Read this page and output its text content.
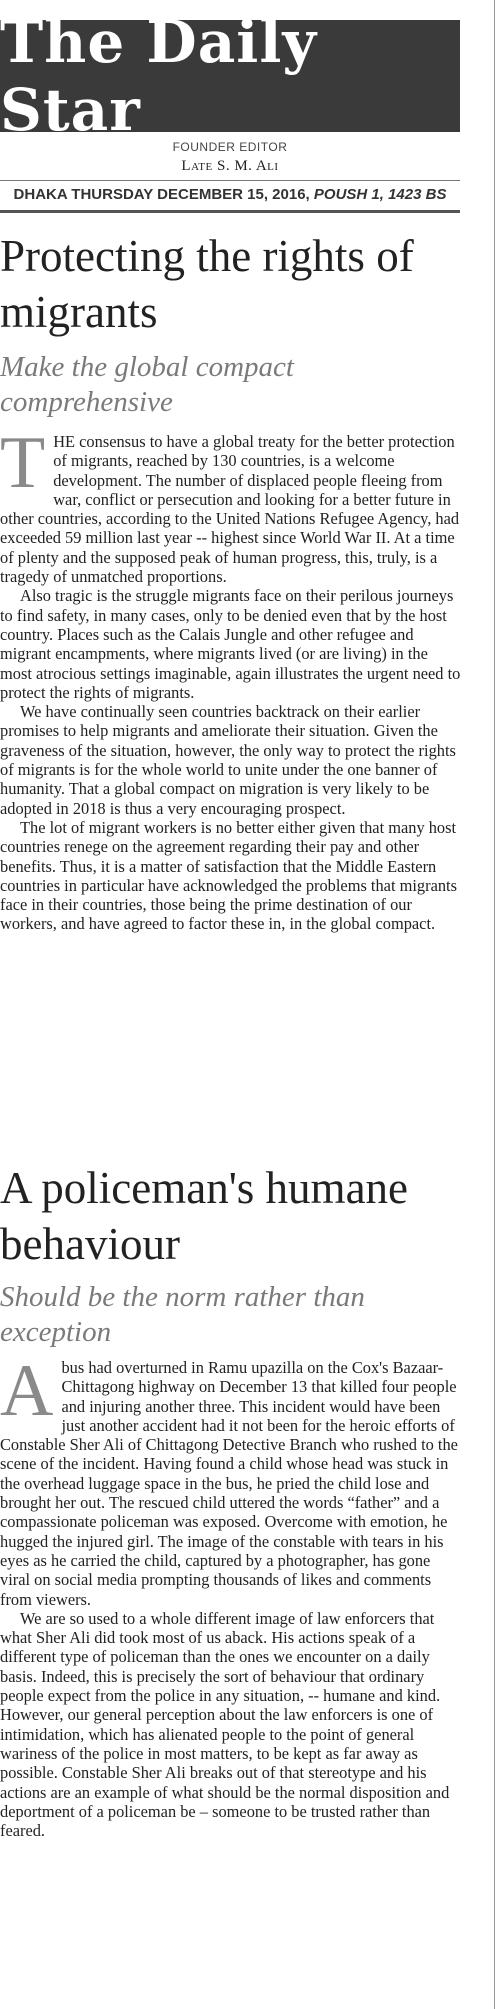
The Daily Star
FOUNDER EDITOR
Late S. M. Ali
DHAKA THURSDAY DECEMBER 15, 2016, POUSH 1, 1423 BS
Protecting the rights of migrants
Make the global compact comprehensive

THE consensus to have a global treaty for the better protection of migrants, reached by 130 countries, is a welcome development. The number of displaced people fleeing from war, conflict or persecution and looking for a better future in other countries, according to the United Nations Refugee Agency, had exceeded 59 million last year -- highest since World War II. At a time of plenty and the supposed peak of human progress, this, truly, is a tragedy of unmatched proportions.

Also tragic is the struggle migrants face on their perilous journeys to find safety, in many cases, only to be denied even that by the host country. Places such as the Calais Jungle and other refugee and migrant encampments, where migrants lived (or are living) in the most atrocious settings imaginable, again illustrates the urgent need to protect the rights of migrants.

We have continually seen countries backtrack on their earlier promises to help migrants and ameliorate their situation. Given the graveness of the situation, however, the only way to protect the rights of migrants is for the whole world to unite under the one banner of humanity. That a global compact on migration is very likely to be adopted in 2018 is thus a very encouraging prospect.

The lot of migrant workers is no better either given that many host countries renege on the agreement regarding their pay and other benefits. Thus, it is a matter of satisfaction that the Middle Eastern countries in particular have acknowledged the problems that migrants face in their countries, those being the prime destination of our workers, and have agreed to factor these in, in the global compact.

A policeman's humane behaviour
Should be the norm rather than exception

Abus had overturned in Ramu upazilla on the Cox's Bazaar-Chittagong highway on December 13 that killed four people and injuring another three. This incident would have been just another accident had it not been for the heroic efforts of Constable Sher Ali of Chittagong Detective Branch who rushed to the scene of the incident. Having found a child whose head was stuck in the overhead luggage space in the bus, he pried the child lose and brought her out. The rescued child uttered the words “father” and a compassionate policeman was exposed. Overcome with emotion, he hugged the injured girl. The image of the constable with tears in his eyes as he carried the child, captured by a photographer, has gone viral on social media prompting thousands of likes and comments from viewers.

We are so used to a whole different image of law enforcers that what Sher Ali did took most of us aback. His actions speak of a different type of policeman than the ones we encounter on a daily basis. Indeed, this is precisely the sort of behaviour that ordinary people expect from the police in any situation, -- humane and kind. However, our general perception about the law enforcers is one of intimidation, which has alienated people to the point of general wariness of the police in most matters, to be kept as far away as possible. Constable Sher Ali breaks out of that stereotype and his actions are an example of what should be the normal disposition and deportment of a policeman be – someone to be trusted rather than feared.
